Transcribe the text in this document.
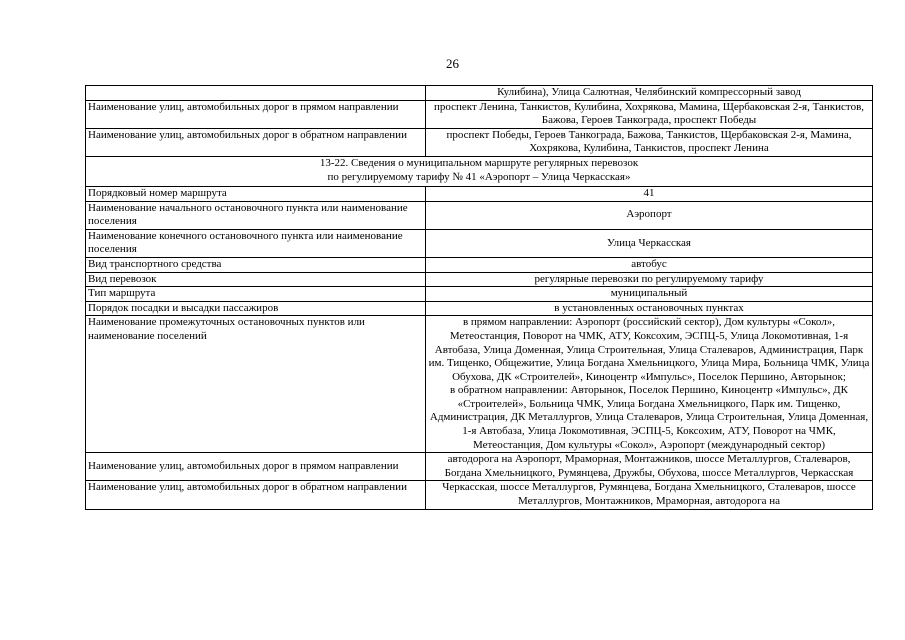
26
	Кулибина), Улица Салютная, Челябинский компрессорный завод
Наименование улиц, автомобильных дорог в прямом направлении	проспект Ленина, Танкистов, Кулибина, Хохрякова, Мамина, Щербаковская 2-я, Танкистов, Бажова, Героев Танкограда, проспект Победы
Наименование улиц, автомобильных дорог в обратном направлении	проспект Победы, Героев Танкограда, Бажова, Танкистов, Щербаковская 2-я, Мамина, Хохрякова, Кулибина, Танкистов, проспект Ленина

13-22. Сведения о муниципальном маршруте регулярных перевозок
по регулируемому тарифу № 41 «Аэропорт – Улица Черкасская»	

Порядковый номер маршрута	41
Наименование начального остановочного пункта или наименование поселения	Аэропорт
Наименование конечного остановочного пункта или наименование поселения	Улица Черкасская
Вид транспортного средства	автобус
Вид перевозок	регулярные перевозки по регулируемому тарифу
Тип маршрута	муниципальный
Порядок посадки и высадки пассажиров	в установленных остановочных пунктах
Наименование промежуточных остановочных пунктов или наименование поселений	в прямом направлении: Аэропорт (российский сектор), Дом культуры «Сокол», Метеостанция, Поворот на ЧМК, АТУ, Коксохим, ЭСПЦ-5, Улица Локомотивная, 1-я Автобаза, Улица Доменная, Улица Строительная, Улица Сталеваров, Администрация, Парк им. Тищенко, Общежитие, Улица Богдана Хмельницкого, Улица Мира, Больница ЧМК, Улица Обухова, ДК «Строителей», Киноцентр «Импульс», Поселок Першино, Авторынок;
в обратном направлении: Авторынок, Поселок Першино, Киноцентр «Импульс», ДК «Строителей», Больница ЧМК, Улица Богдана Хмельницкого, Парк им. Тищенко, Администрация, ДК Металлургов, Улица Сталеваров, Улица Строительная, Улица Доменная, 1-я Автобаза, Улица Локомотивная, ЭСПЦ-5, Коксохим, АТУ, Поворот на ЧМК, Метеостанция, Дом культуры «Сокол», Аэропорт (международный сектор)

Наименование улиц, автомобильных дорог в прямом направлении	автодорога на Аэропорт, Мраморная, Монтажников, шоссе Металлургов, Сталеваров, Богдана Хмельницкого, Румянцева, Дружбы, Обухова, шоссе Металлургов, Черкасская
Наименование улиц, автомобильных дорог в обратном направлении	Черкасская, шоссе Металлургов, Румянцева, Богдана Хмельницкого, Сталеваров, шоссе Металлургов, Монтажников, Мраморная, автодорога на
